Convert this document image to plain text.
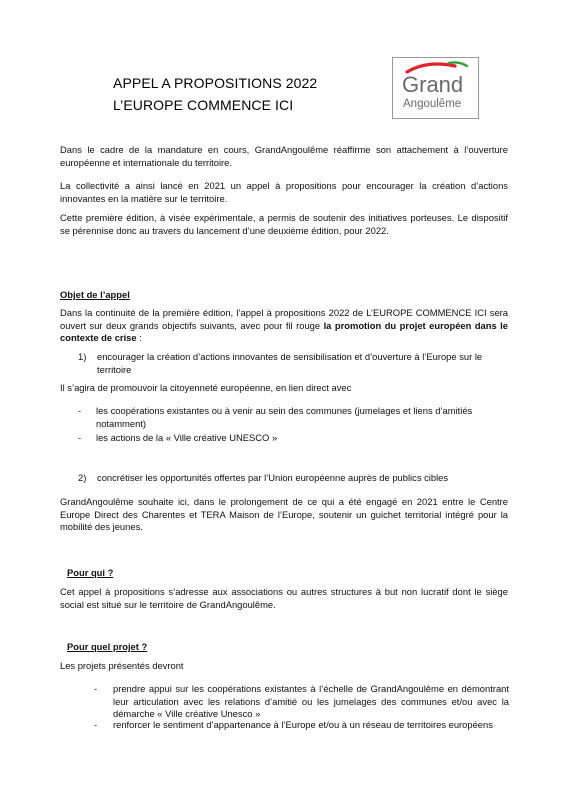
APPEL A PROPOSITIONS 2022
L’EUROPE COMMENCE ICI
Grand
Angoulême
Dans le cadre de la mandature en cours, GrandAngoulême réaffirme son attachement à l’ouverture européenne et internationale du territoire.
La collectivité a ainsi lancé en 2021 un appel à propositions pour encourager la création d’actions innovantes en la matière sur le territoire.
Cette première édition, à visée expérimentale, a permis de soutenir des initiatives porteuses. Le dispositif se pérennise donc au travers du lancement d’une deuxième édition, pour 2022.
Objet de l’appel
Dans la continuité de la première édition, l’appel à propositions 2022 de L’EUROPE COMMENCE ICI sera ouvert sur deux grands objectifs suivants, avec pour fil rouge la promotion du projet européen dans le contexte de crise :
1) encourager la création d’actions innovantes de sensibilisation et d’ouverture à l’Europe sur le territoire
Il s’agira de promouvoir la citoyenneté européenne, en lien direct avec
- les coopérations existantes ou à venir au sein des communes (jumelages et liens d’amitiés notamment)
- les actions de la « Ville créative UNESCO »
2) concrétiser les opportunités offertes par l’Union européenne auprès de publics cibles
GrandAngoulême souhaite ici, dans le prolongement de ce qui a été engagé en 2021 entre le Centre Europe Direct des Charentes et TERA Maison de l’Europe, soutenir un guichet territorial intégré pour la mobilité des jeunes.
Pour qui ?
Cet appel à propositions s’adresse aux associations ou autres structures à but non lucratif dont le siège social est situé sur le territoire de GrandAngoulême.
Pour quel projet ?
Les projets présentés devront
- prendre appui sur les coopérations existantes à l’échelle de GrandAngoulême en démontrant leur articulation avec les relations d’amitié ou les jumelages des communes et/ou avec la démarche « Ville créative Unesco »
- renforcer le sentiment d’appartenance à l’Europe et/ou à un réseau de territoires européens
